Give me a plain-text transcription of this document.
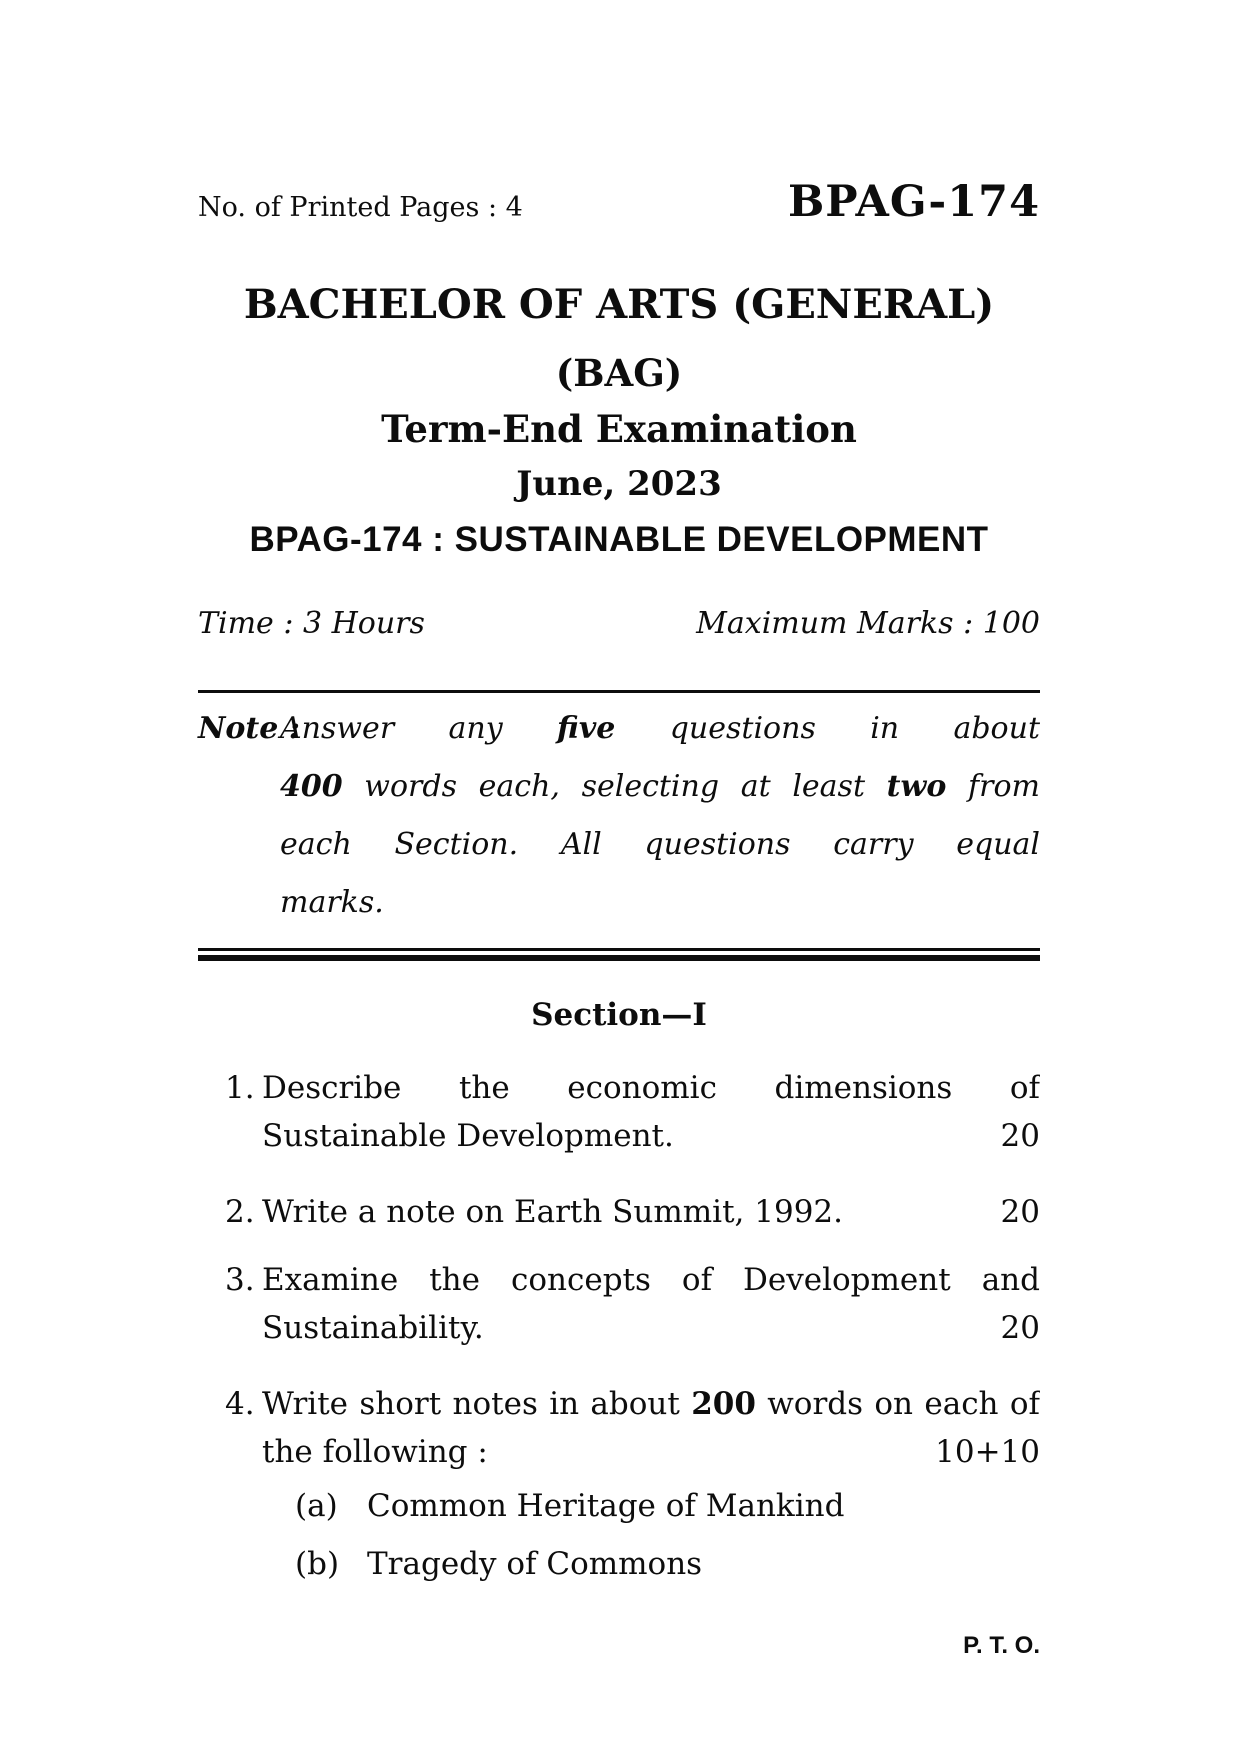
No. of Printed Pages : 4	BPAG-174
BACHELOR OF ARTS (GENERAL)
(BAG)
Term-End Examination
June, 2023
BPAG-174 : SUSTAINABLE DEVELOPMENT
Time : 3 Hours	Maximum Marks : 100
Note :
Answer any five questions in about
400 words each, selecting at least two from
each Section. All questions carry equal
marks.
Section—I
1. Describe the economic dimensions of
Sustainable Development.	20
2. Write a note on Earth Summit, 1992.	20
3. Examine the concepts of Development and
Sustainability.	20
4. Write short notes in about 200 words on each of
the following :	10+10
(a) Common Heritage of Mankind
(b) Tragedy of Commons
P. T. O.
